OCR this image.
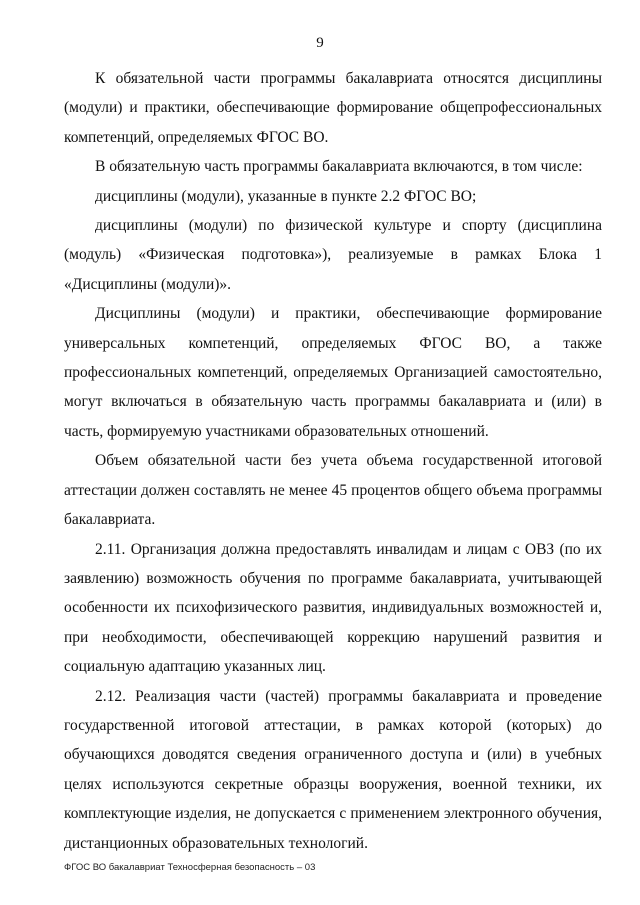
9

К обязательной части программы бакалавриата относятся дисциплины (модули) и практики, обеспечивающие формирование общепрофессиональных компетенций, определяемых ФГОС ВО.

В обязательную часть программы бакалавриата включаются, в том числе:

дисциплины (модули), указанные в пункте 2.2 ФГОС ВО;

дисциплины (модули) по физической культуре и спорту (дисциплина (модуль) «Физическая подготовка»), реализуемые в рамках Блока 1 «Дисциплины (модули)».

Дисциплины (модули) и практики, обеспечивающие формирование универсальных компетенций, определяемых ФГОС ВО, а также профессиональных компетенций, определяемых Организацией самостоятельно, могут включаться в обязательную часть программы бакалавриата и (или) в часть, формируемую участниками образовательных отношений.

Объем обязательной части без учета объема государственной итоговой аттестации должен составлять не менее 45 процентов общего объема программы бакалавриата.

2.11. Организация должна предоставлять инвалидам и лицам с ОВЗ (по их заявлению) возможность обучения по программе бакалавриата, учитывающей особенности их психофизического развития, индивидуальных возможностей и, при необходимости, обеспечивающей коррекцию нарушений развития и социальную адаптацию указанных лиц.

2.12. Реализация части (частей) программы бакалавриата и проведение государственной итоговой аттестации, в рамках которой (которых) до обучающихся доводятся сведения ограниченного доступа и (или) в учебных целях используются секретные образцы вооружения, военной техники, их комплектующие изделия, не допускается с применением электронного обучения, дистанционных образовательных технологий.

ФГОС ВО бакалавриат Техносферная безопасность – 03
